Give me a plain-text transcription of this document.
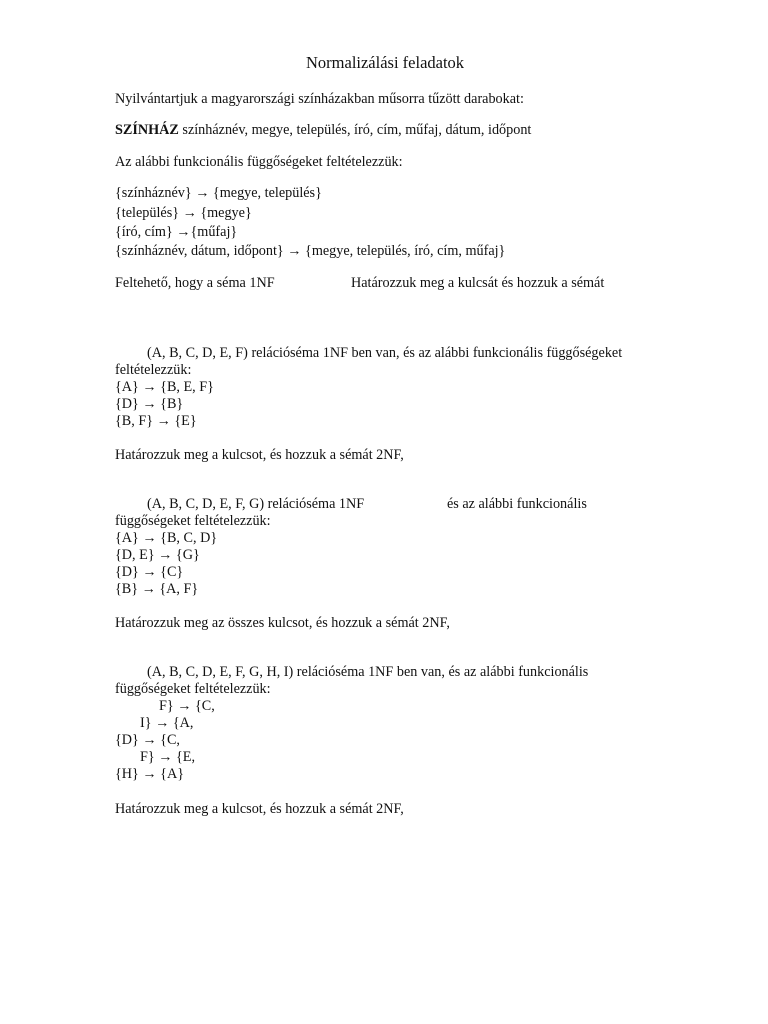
Normalizálási feladatok
Nyilvántartjuk a magyarországi színházakban műsorra tűzött darabokat:
SZÍNHÁZ színháznév, megye, település, író, cím, műfaj, dátum, időpont
Az alábbi funkcionális függőségeket feltételezzük:
{színháznév} → {megye, település}
{település} → {megye}
{író, cím} →{műfaj}
{színháznév, dátum, időpont} → {megye, település, író, cím, műfaj}
Feltehető, hogy a séma 1NF	Határozzuk meg a kulcsát és hozzuk a sémát
(A, B, C, D, E, F) relációséma 1NF ben van, és az alábbi funkcionális függőségeket
feltételezzük:
{A} → {B, E, F}
{D} → {B}
{B, F} → {E}
Határozzuk meg a kulcsot, és hozzuk a sémát 2NF,
(A, B, C, D, E, F, G) relációséma 1NF	és az alábbi funkcionális
függőségeket feltételezzük:
{A} → {B, C, D}
{D, E} → {G}
{D} → {C}
{B} → {A, F}
Határozzuk meg az összes kulcsot, és hozzuk a sémát 2NF,
(A, B, C, D, E, F, G, H, I) relációséma 1NF ben van, és az alábbi funkcionális
függőségeket feltételezzük:
F} → {C,
I} → {A,
{D} → {C,
F} → {E,
{H} → {A}
Határozzuk meg a kulcsot, és hozzuk a sémát 2NF,
